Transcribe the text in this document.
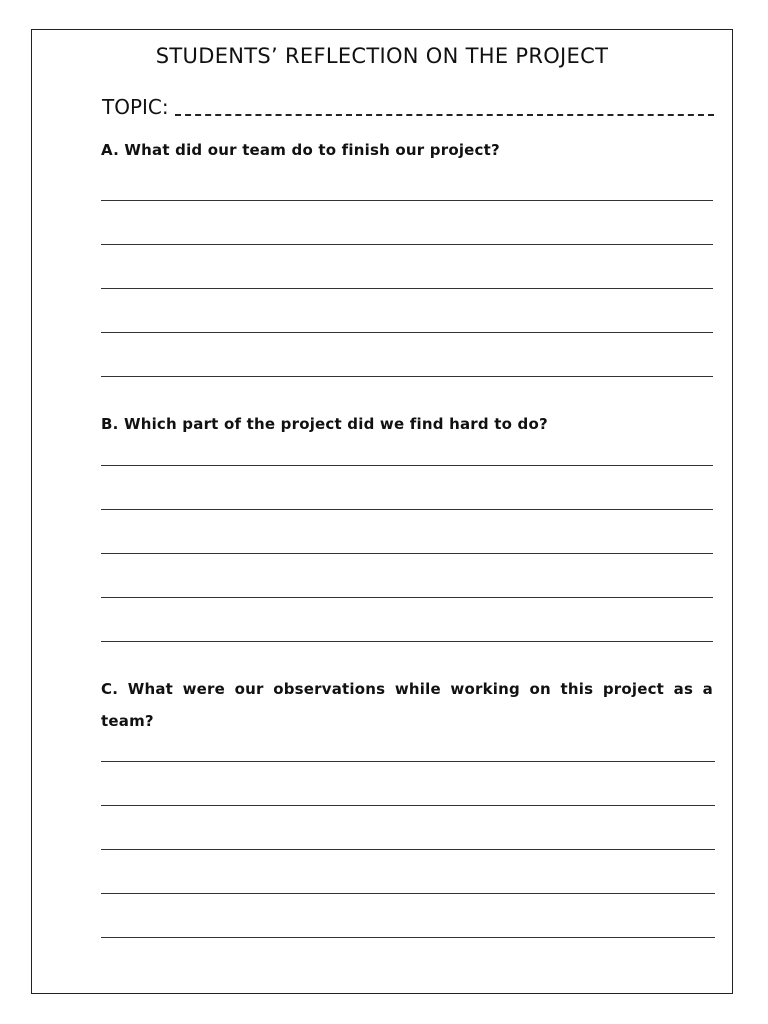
STUDENTS’ REFLECTION ON THE PROJECT
TOPIC:

A. What did our team do to finish our project?

B. Which part of the project did we find hard to do?

C. What were our observations while working on this project as a team?
